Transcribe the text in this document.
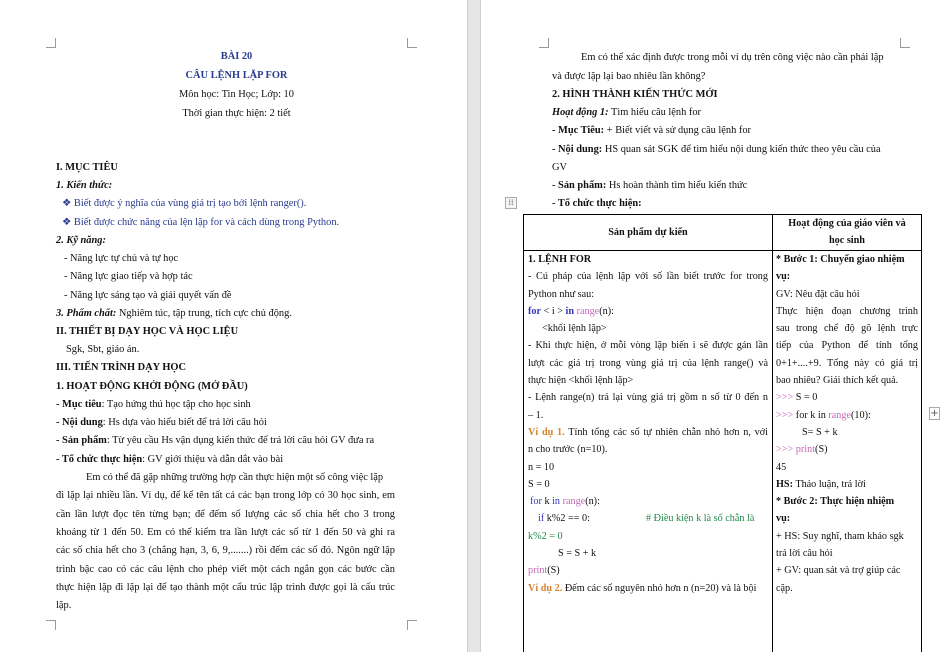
BÀI 20
CÂU LỆNH LẶP FOR
Môn học: Tin Học; Lớp: 10
Thời gian thực hiện: 2 tiết
I. MỤC TIÊU
1. Kiến thức:
❖ Biết được ý nghĩa của vùng giá trị tạo bởi lệnh ranger().
❖ Biết được chức năng của lện lặp for và cách dùng trong Python.
2. Kỹ năng:
- Năng lực tự chủ và tự học
- Năng lực giao tiếp và hợp tác
- Năng lực sáng tạo và giải quyết vấn đề
3. Phẩm chất: Nghiêm túc, tập trung, tích cực chủ động.
II. THIẾT BỊ DẠY HỌC VÀ HỌC LIỆU
Sgk, Sbt, giáo án.
III. TIẾN TRÌNH DẠY HỌC
1. HOẠT ĐỘNG KHỞI ĐỘNG (MỞ ĐẦU)
- Mục tiêu: Tạo hứng thú học tập cho học sinh
- Nội dung: Hs dựa vào hiểu biết để trả lời câu hỏi
- Sản phẩm: Từ yêu cầu Hs vận dụng kiến thức để trả lời câu hỏi GV đưa ra
- Tổ chức thực hiện: GV giới thiệu và dẫn dắt vào bài
Em có thể đã gặp những trường hợp cần thực hiện một số công việc lặp
đi lặp lại nhiều lần. Ví dụ, để kể tên tất cả các bạn trong lớp có 30 học sinh, em
cần lần lượt đọc tên từng bạn; để đếm số lượng các số chia hết cho 3 trong
khoảng từ 1 đến 50. Em có thể kiểm tra lần lượt các số từ 1 đến 50 và ghi ra
các số chia hết cho 3 (chẳng hạn, 3, 6, 9,.......) rồi đếm các số đó. Ngôn ngữ lập
trình bậc cao có các câu lệnh cho phép viết một cách ngắn gọn các bước cần
thực hiện lặp đi lặp lại để tạo thành một cấu trúc lập trình được gọi là cấu trúc
lặp.
Em có thể xác định được trong mỗi ví dụ trên công việc nào cần phải lặp
và được lặp lại bao nhiêu lần không?
2. HÌNH THÀNH KIẾN THỨC MỚI
Hoạt động 1: Tìm hiểu câu lệnh for
- Mục Tiêu: + Biết viết và sử dụng câu lệnh for
- Nội dung: HS quan sát SGK để tìm hiểu nội dung kiến thức theo yêu cầu của
GV
- Sản phẩm: Hs hoàn thành tìm hiểu kiến thức
- Tổ chức thực hiện:
Sản phẩm dự kiến
Hoạt động của giáo viên và
học sinh
1. LỆNH FOR
- Cú pháp của lệnh lặp với số lần biết trước for trong
Python như sau:
for < i > in range(n):
<khối lệnh lặp>
- Khi thực hiện, ở mỗi vòng lặp biến i sẽ được gán lần
lượt các giá trị trong vùng giá trị của lệnh range() và
thực hiện <khối lệnh lặp>
- Lệnh range(n) trả lại vùng giá trị gồm n số từ 0 đến n
– 1.
Ví dụ 1. Tính tổng các số tự nhiên chẵn nhỏ hơn n, với
n cho trước (n=10).
n = 10
S = 0
for k in range(n):
if k%2 == 0:	# Điều kiện k là số chẵn là
k%2 = 0
S = S + k
print(S)
Ví dụ 2. Đếm các số nguyên nhỏ hơn n (n=20) và là bội
* Bước 1: Chuyển giao nhiệm
vụ:
GV: Nêu đặt câu hỏi
Thực hiện đoạn chương trình
sau trong chế độ gõ lệnh trực
tiếp của Python để tính tổng
0+1+....+9. Tổng này có giá trị
bao nhiêu? Giải thích kết quả.
>>> S = 0
>>> for k in range(10):
S= S + k
>>> print(S)
45
HS: Thảo luận, trả lời
* Bước 2: Thực hiện nhiệm
vụ:
+ HS: Suy nghĩ, tham khảo sgk
trả lời câu hỏi
+ GV: quan sát và trợ giúp các
cặp.
⁞⁞
+
